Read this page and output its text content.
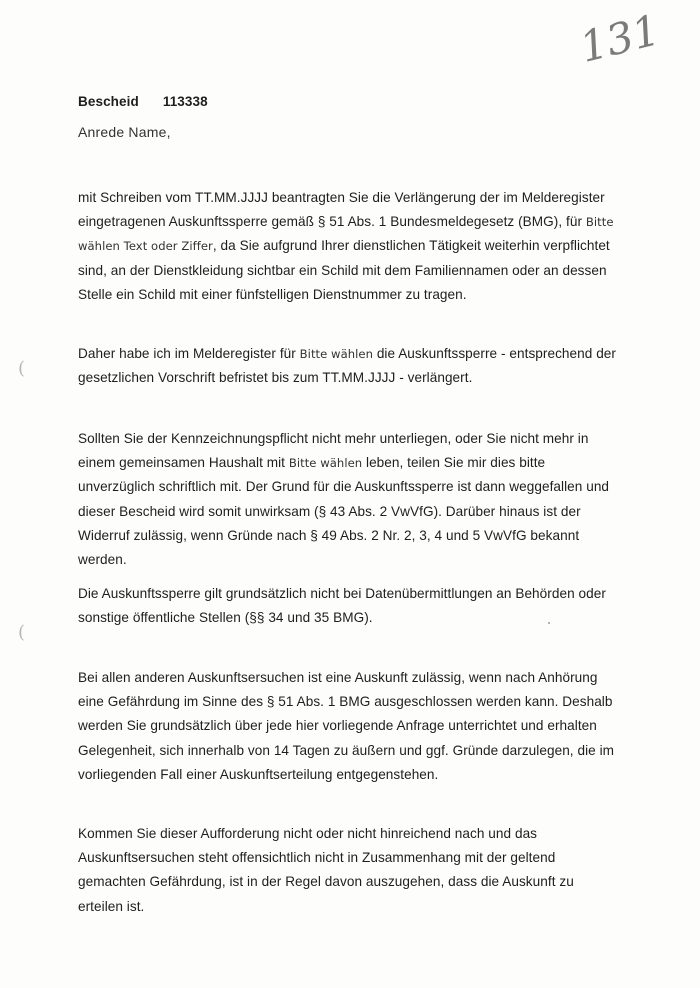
131
Bescheid 113338
Anrede Name,
mit Schreiben vom TT.MM.JJJJ beantragten Sie die Verlängerung der im Melderegister eingetragenen Auskunftssperre gemäß § 51 Abs. 1 Bundesmeldegesetz (BMG), für Bitte wählen Text oder Ziffer, da Sie aufgrund Ihrer dienstlichen Tätigkeit weiterhin verpflichtet sind, an der Dienstkleidung sichtbar ein Schild mit dem Familiennamen oder an dessen Stelle ein Schild mit einer fünfstelligen Dienstnummer zu tragen.
Daher habe ich im Melderegister für Bitte wählen die Auskunftssperre - entsprechend der gesetzlichen Vorschrift befristet bis zum TT.MM.JJJJ - verlängert.
Sollten Sie der Kennzeichnungspflicht nicht mehr unterliegen, oder Sie nicht mehr in einem gemeinsamen Haushalt mit Bitte wählen leben, teilen Sie mir dies bitte unverzüglich schriftlich mit. Der Grund für die Auskunftssperre ist dann weggefallen und dieser Bescheid wird somit unwirksam (§ 43 Abs. 2 VwVfG). Darüber hinaus ist der Widerruf zulässig, wenn Gründe nach § 49 Abs. 2 Nr. 2, 3, 4 und 5 VwVfG bekannt werden.
Die Auskunftssperre gilt grundsätzlich nicht bei Datenübermittlungen an Behörden oder sonstige öffentliche Stellen (§§ 34 und 35 BMG).
Bei allen anderen Auskunftsersuchen ist eine Auskunft zulässig, wenn nach Anhörung eine Gefährdung im Sinne des § 51 Abs. 1 BMG ausgeschlossen werden kann. Deshalb werden Sie grundsätzlich über jede hier vorliegende Anfrage unterrichtet und erhalten Gelegenheit, sich innerhalb von 14 Tagen zu äußern und ggf. Gründe darzulegen, die im vorliegenden Fall einer Auskunftserteilung entgegenstehen.
Kommen Sie dieser Aufforderung nicht oder nicht hinreichend nach und das Auskunftsersuchen steht offensichtlich nicht in Zusammenhang mit der geltend gemachten Gefährdung, ist in der Regel davon auszugehen, dass die Auskunft zu erteilen ist.
(
(
